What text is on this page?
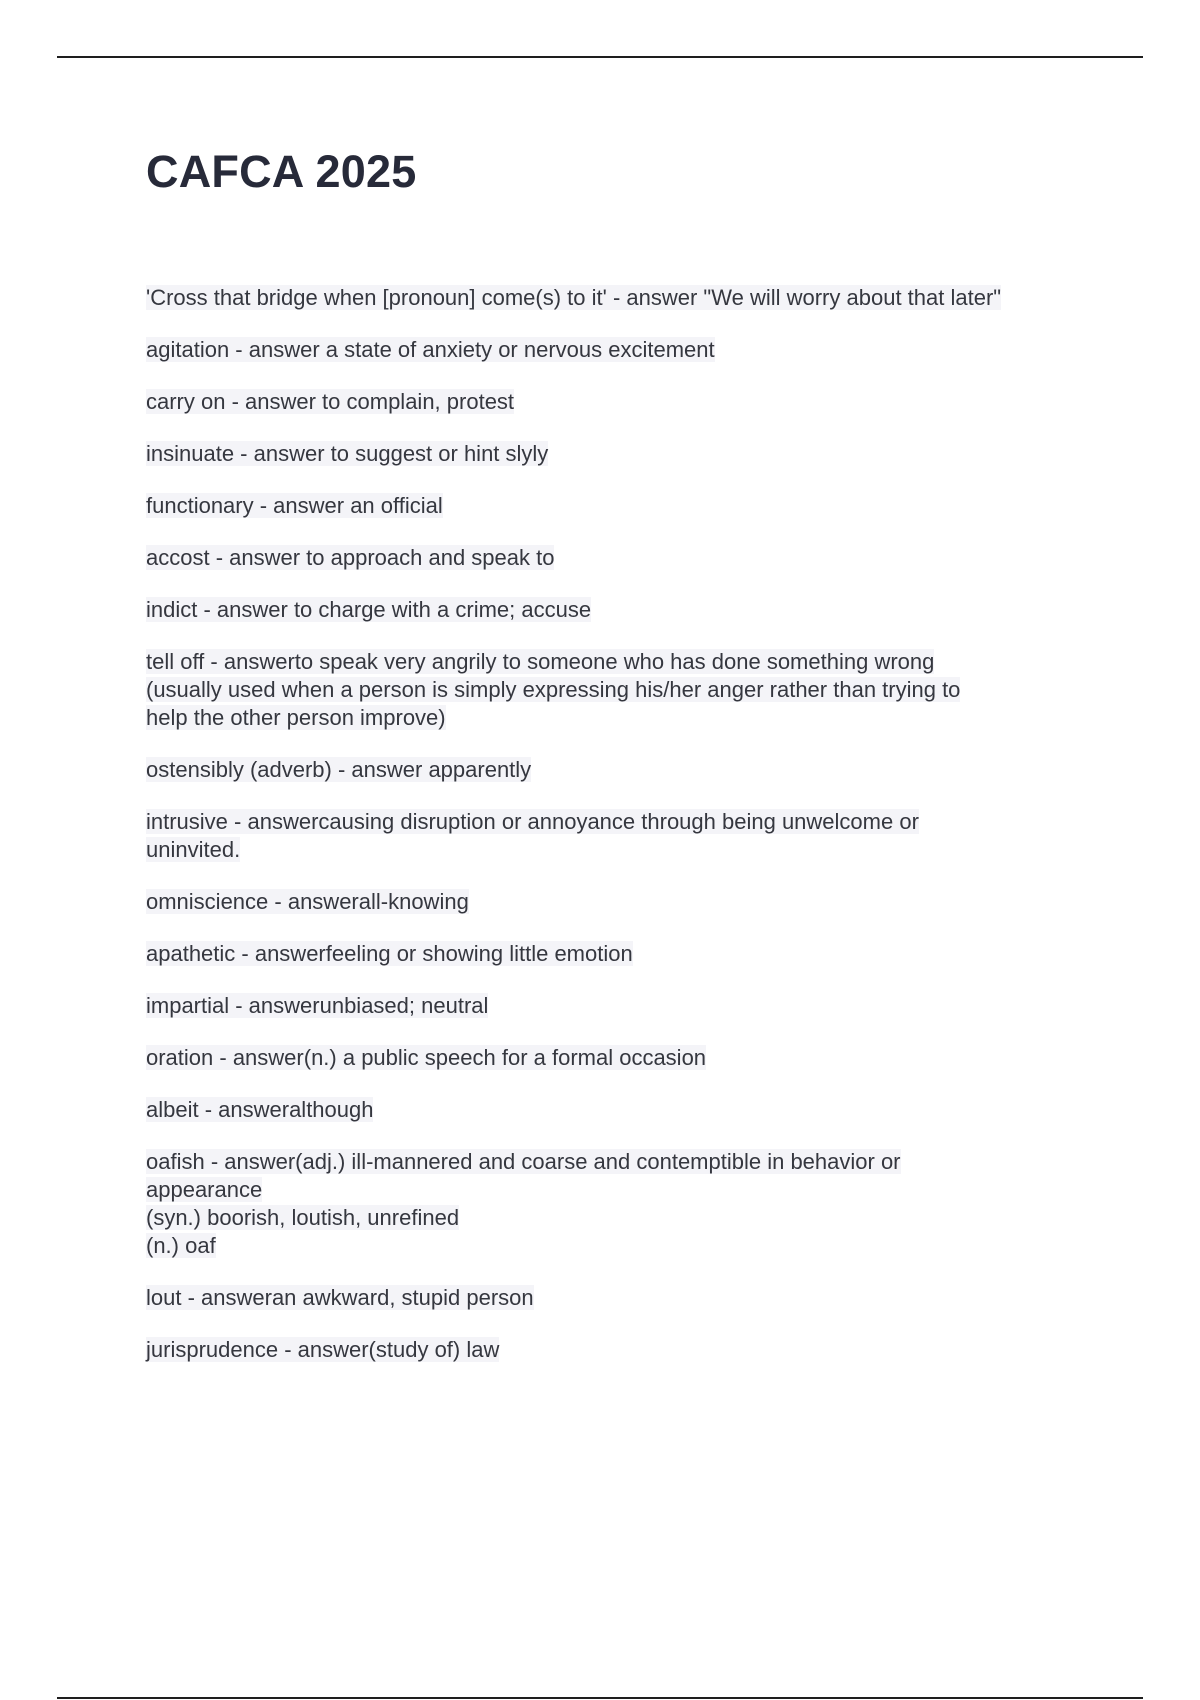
CAFCA 2025

'Cross that bridge when [pronoun] come(s) to it' - answer "We will worry about that later"

agitation - answer a state of anxiety or nervous excitement

carry on - answer to complain, protest

insinuate - answer to suggest or hint slyly

functionary - answer an official

accost - answer to approach and speak to

indict - answer to charge with a crime; accuse

tell off - answerto speak very angrily to someone who has done something wrong
(usually used when a person is simply expressing his/her anger rather than trying to
help the other person improve)

ostensibly (adverb) - answer apparently

intrusive - answercausing disruption or annoyance through being unwelcome or
uninvited.

omniscience - answerall-knowing

apathetic - answerfeeling or showing little emotion

impartial - answerunbiased; neutral

oration - answer(n.) a public speech for a formal occasion

albeit - answeralthough

oafish - answer(adj.) ill-mannered and coarse and contemptible in behavior or
appearance
(syn.) boorish, loutish, unrefined
(n.) oaf

lout - answeran awkward, stupid person

jurisprudence - answer(study of) law
